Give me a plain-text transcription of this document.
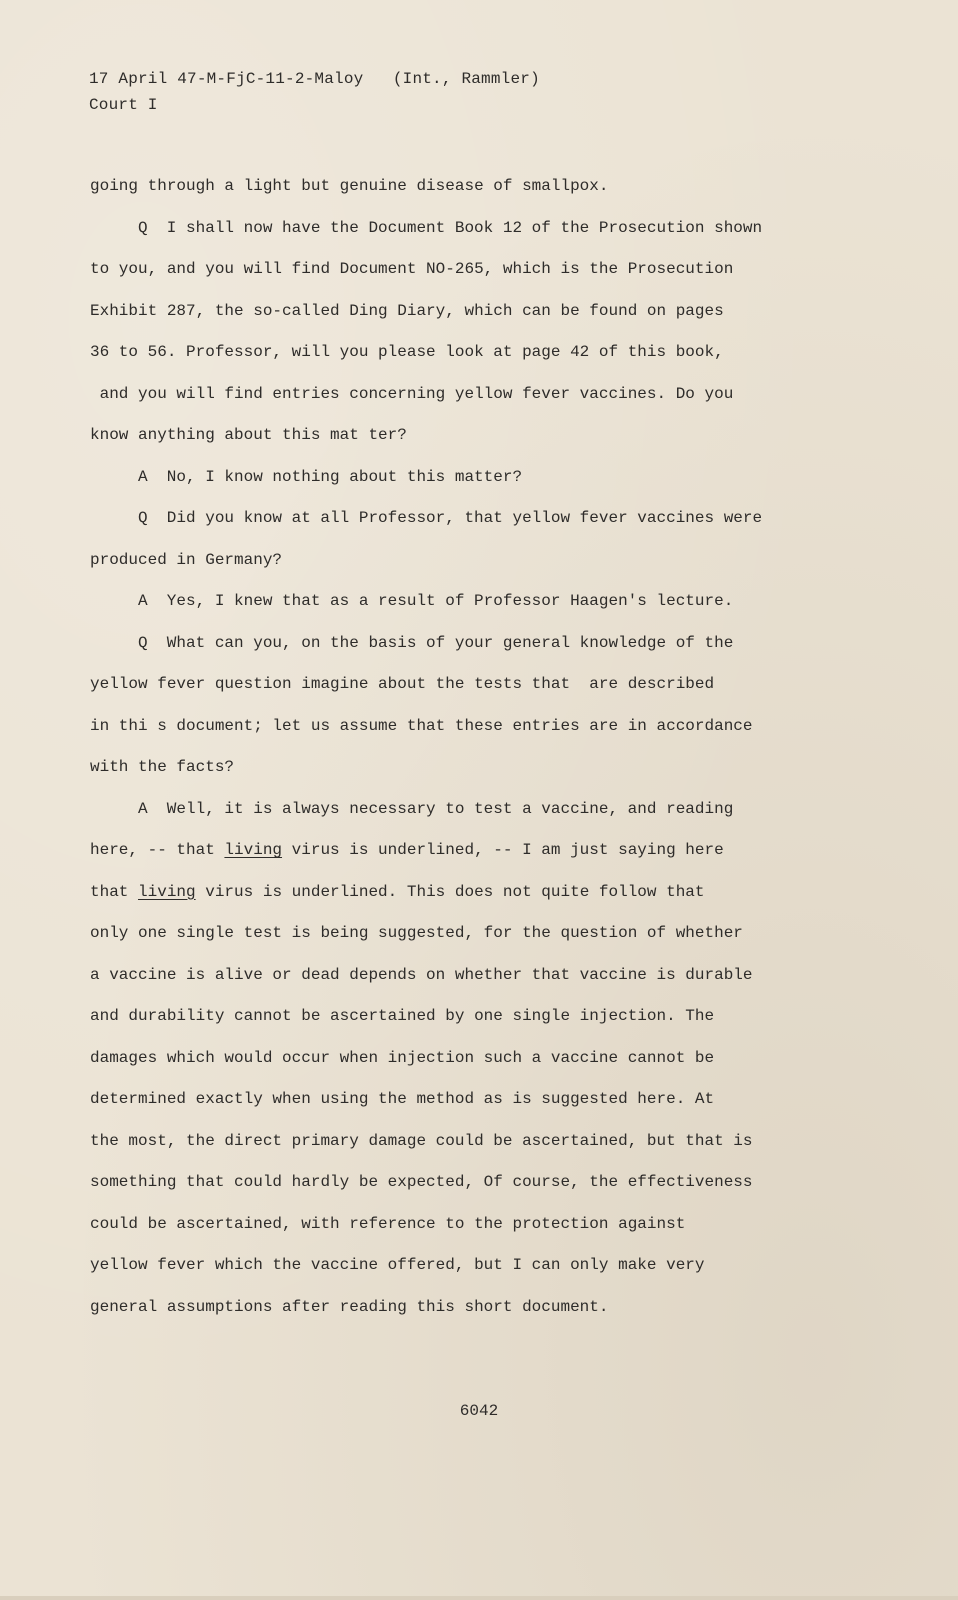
17 April 47-M-FjC-11-2-Maloy   (Int., Rammler)
Court I
going through a light but genuine disease of smallpox.
Q  I shall now have the Document Book 12 of the Prosecution shown
to you, and you will find Document NO-265, which is the Prosecution
Exhibit 287, the so-called Ding Diary, which can be found on pages
36 to 56. Professor, will you please look at page 42 of this book,
and you will find entries concerning yellow fever vaccines. Do you
know anything about this mat ter?
A  No, I know nothing about this matter?
Q  Did you know at all Professor, that yellow fever vaccines were
produced in Germany?
A  Yes, I knew that as a result of Professor Haagen's lecture.
Q  What can you, on the basis of your general knowledge of the
yellow fever question imagine about the tests that  are described
in thi s document; let us assume that these entries are in accordance
with the facts?
A  Well, it is always necessary to test a vaccine, and reading
here, -- that living virus is underlined, -- I am just saying here
that living virus is underlined. This does not quite follow that
only one single test is being suggested, for the question of whether
a vaccine is alive or dead depends on whether that vaccine is durable
and durability cannot be ascertained by one single injection. The
damages which would occur when injection such a vaccine cannot be
determined exactly when using the method as is suggested here. At
the most, the direct primary damage could be ascertained, but that is
something that could hardly be expected, Of course, the effectiveness
could be ascertained, with reference to the protection against
yellow fever which the vaccine offered, but I can only make very
general assumptions after reading this short document.
6042
